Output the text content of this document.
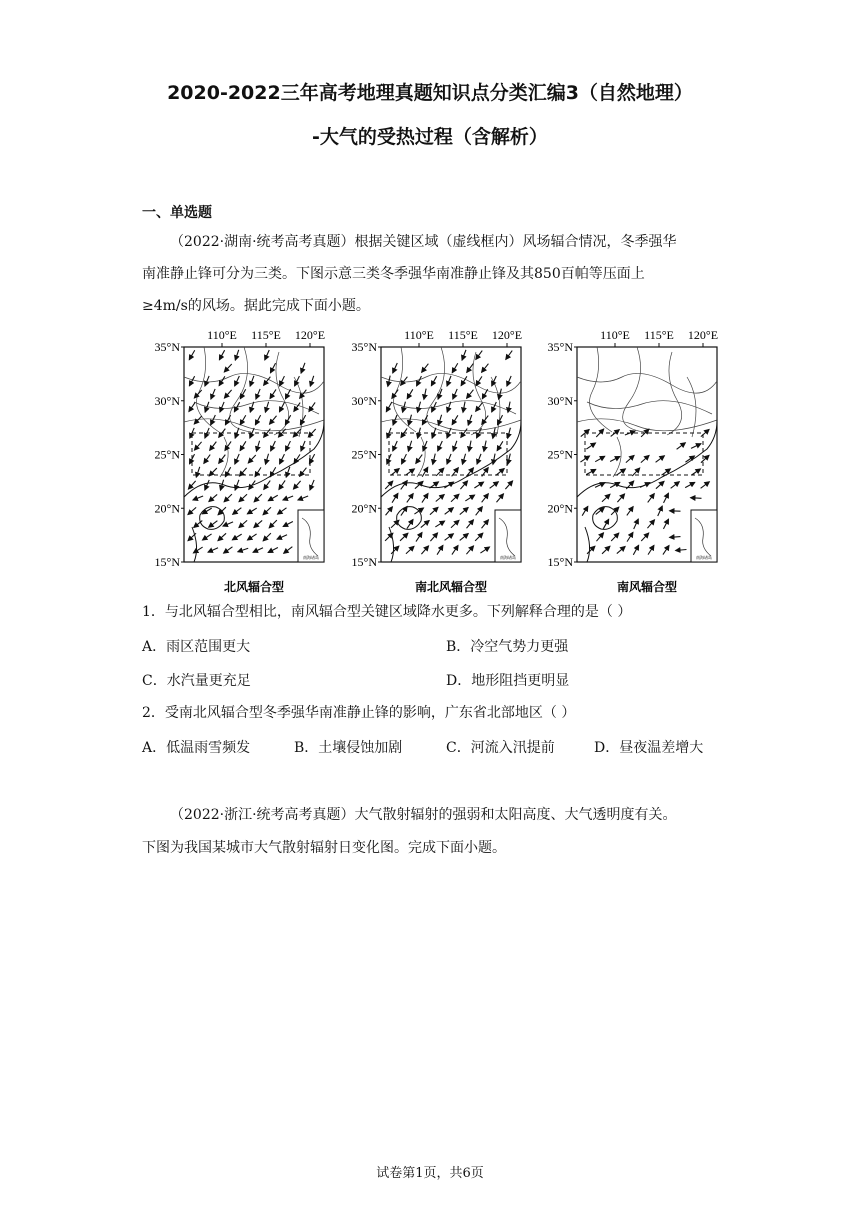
2020-2022三年高考地理真题知识点分类汇编3（自然地理）
-大气的受热过程（含解析）
一、单选题
（2022·湖南·统考高考真题）根据关键区域（虚线框内）风场辐合情况，冬季强华
南准静止锋可分为三类。下图示意三类冬季强华南准静止锋及其850百帕等压面上
≥4m/s的风场。据此完成下面小题。
110°E 115°E 120°E
35°N
30°N
25°N
20°N
15°N	南海诸岛
北风辐合型
110°E 115°E 120°E
35°N
30°N
25°N
20°N
15°N	南海诸岛
南北风辐合型
110°E 115°E 120°E
35°N
30°N
25°N
20°N
15°N	南海诸岛
南风辐合型
1．与北风辐合型相比，南风辐合型关键区域降水更多。下列解释合理的是（ ）
A．雨区范围更大	B．冷空气势力更强
C．水汽量更充足	D．地形阻挡更明显
2．受南北风辐合型冬季强华南准静止锋的影响，广东省北部地区（ ）
A．低温雨雪频发	B．土壤侵蚀加剧	C．河流入汛提前	D．昼夜温差增大
（2022·浙江·统考高考真题）大气散射辐射的强弱和太阳高度、大气透明度有关。
下图为我国某城市大气散射辐射日变化图。完成下面小题。
试卷第1页，共6页
